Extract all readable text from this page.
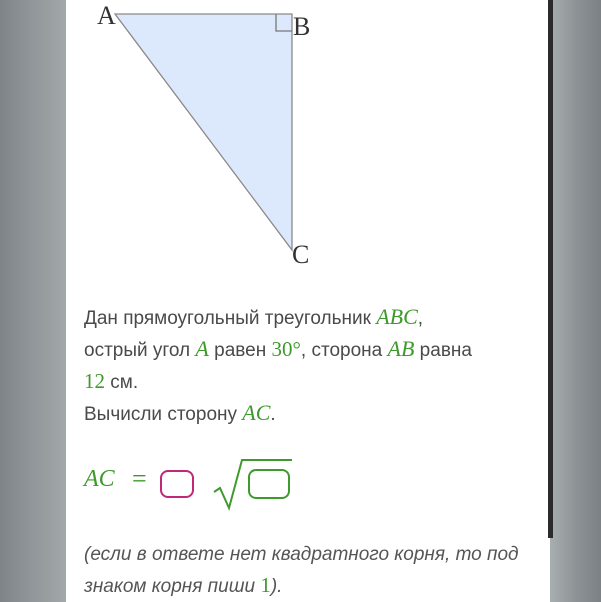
A	B
C
Дан прямоугольный треугольник ABC,
острый угол A равен 30°, сторона AB равна
12 см.
Вычисли сторону AC.
AC =
(если в ответе нет квадратного корня, то под знаком корня пиши 1).
